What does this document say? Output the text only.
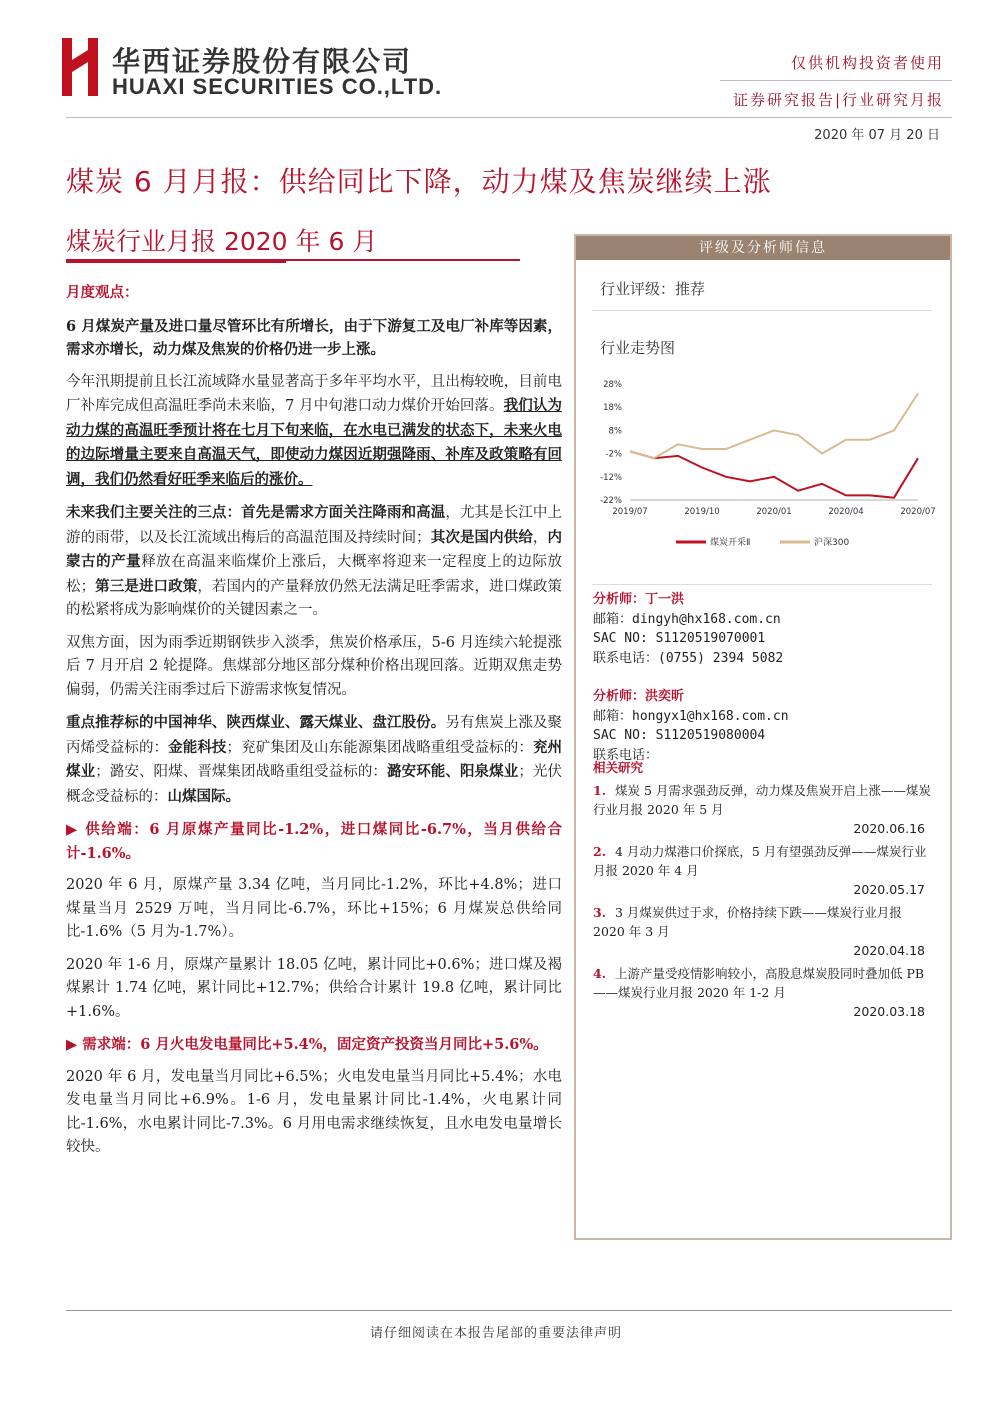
华西证券股份有限公司
HUAXI SECURITIES CO.,LTD.
仅供机构投资者使用
证券研究报告|行业研究月报
2020 年 07 月 20 日
煤炭 6 月月报：供给同比下降，动力煤及焦炭继续上涨
煤炭行业月报 2020 年 6 月

月度观点：

6 月煤炭产量及进口量尽管环比有所增长，由于下游复工及电厂补库等因素，需求亦增长，动力煤及焦炭的价格仍进一步上涨。

今年汛期提前且长江流域降水量显著高于多年平均水平，且出梅较晚，目前电厂补库完成但高温旺季尚未来临，7 月中旬港口动力煤价开始回落。我们认为动力煤的高温旺季预计将在七月下旬来临，在水电已满发的状态下，未来火电的边际增量主要来自高温天气，即使动力煤因近期强降雨、补库及政策略有回调，我们仍然看好旺季来临后的涨价。

未来我们主要关注的三点：首先是需求方面关注降雨和高温，尤其是长江中上游的雨带，以及长江流域出梅后的高温范围及持续时间；其次是国内供给，内蒙古的产量释放在高温来临煤价上涨后，大概率将迎来一定程度上的边际放松；第三是进口政策，若国内的产量释放仍然无法满足旺季需求，进口煤政策的松紧将成为影响煤价的关键因素之一。

双焦方面，因为雨季近期钢铁步入淡季，焦炭价格承压，5-6 月连续六轮提涨后 7 月开启 2 轮提降。焦煤部分地区部分煤种价格出现回落。近期双焦走势偏弱，仍需关注雨季过后下游需求恢复情况。

重点推荐标的中国神华、陕西煤业、露天煤业、盘江股份。另有焦炭上涨及聚丙烯受益标的：金能科技；兖矿集团及山东能源集团战略重组受益标的：兖州煤业；潞安、阳煤、晋煤集团战略重组受益标的：潞安环能、阳泉煤业；光伏概念受益标的：山煤国际。

▶ 供给端：6 月原煤产量同比-1.2%，进口煤同比-6.7%，当月供给合计-1.6%。

2020 年 6 月，原煤产量 3.34 亿吨，当月同比-1.2%，环比+4.8%；进口煤量当月 2529 万吨，当月同比-6.7%，环比+15%；6 月煤炭总供给同比-1.6%（5 月为-1.7%）。

2020 年 1-6 月，原煤产量累计 18.05 亿吨，累计同比+0.6%；进口煤及褐煤累计 1.74 亿吨，累计同比+12.7%；供给合计累计 19.8 亿吨，累计同比+1.6%。

▶ 需求端：6 月火电发电量同比+5.4%，固定资产投资当月同比+5.6%。

2020 年 6 月，发电量当月同比+6.5%；火电发电量当月同比+5.4%；水电发电量当月同比+6.9%。1-6 月，发电量累计同比-1.4%，火电累计同比-1.6%，水电累计同比-7.3%。6 月用电需求继续恢复，且水电发电量增长较快。

评级及分析师信息
行业评级：推荐
行业走势图
28%
18%
8%
-2%
-12%
-22%
2019/07	2019/10	2020/01	2020/04	2020/07
煤炭开采Ⅱ	沪深300
分析师：丁一洪
邮箱：dingyh@hx168.com.cn
SAC NO: S1120519070001
联系电话：(0755) 2394 5082
分析师：洪奕昕
邮箱：hongyx1@hx168.com.cn
SAC NO: S1120519080004
联系电话：
相关研究
1. 煤炭 5 月需求强劲反弹，动力煤及焦炭开启上涨——煤炭行业月报 2020 年 5 月
2020.06.16
2. 4 月动力煤港口价探底，5 月有望强劲反弹——煤炭行业月报 2020 年 4 月
2020.05.17
3. 3 月煤炭供过于求，价格持续下跌——煤炭行业月报 2020 年 3 月
2020.04.18
4. 上游产量受疫情影响较小，高股息煤炭股同时叠加低 PB——煤炭行业月报 2020 年 1-2 月
2020.03.18
请仔细阅读在本报告尾部的重要法律声明
